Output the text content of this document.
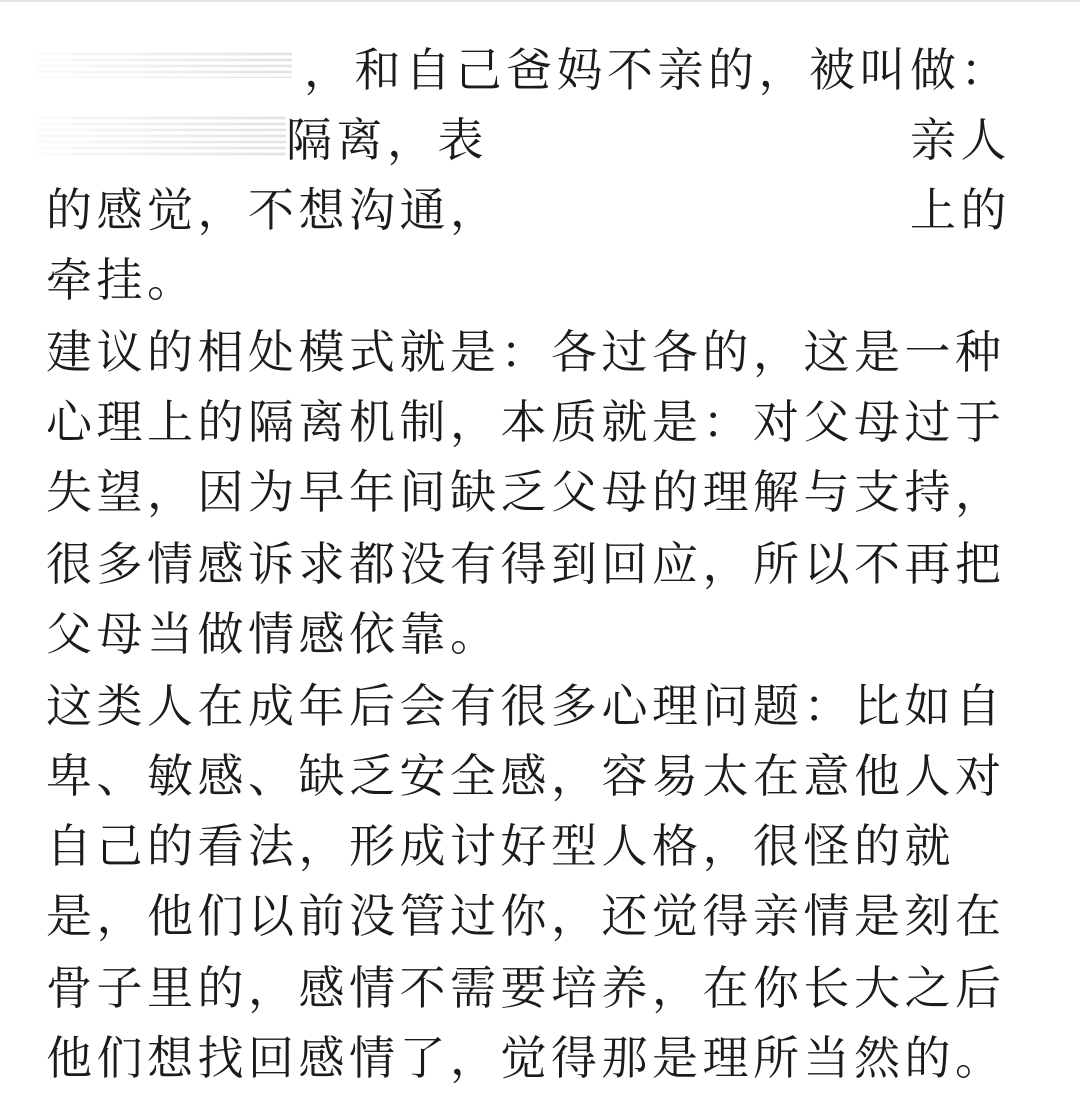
，和自己爸妈不亲的，被叫做：
隔离，表	亲人
的感觉，不想沟通，	上的
牵挂。
建议的相处模式就是：各过各的，这是一种
心理上的隔离机制，本质就是：对父母过于
失望，因为早年间缺乏父母的理解与支持，
很多情感诉求都没有得到回应，所以不再把
父母当做情感依靠。
这类人在成年后会有很多心理问题：比如自
卑、敏感、缺乏安全感，容易太在意他人对
自己的看法，形成讨好型人格，很怪的就
是，他们以前没管过你，还觉得亲情是刻在
骨子里的，感情不需要培养，在你长大之后
他们想找回感情了，觉得那是理所当然的。
